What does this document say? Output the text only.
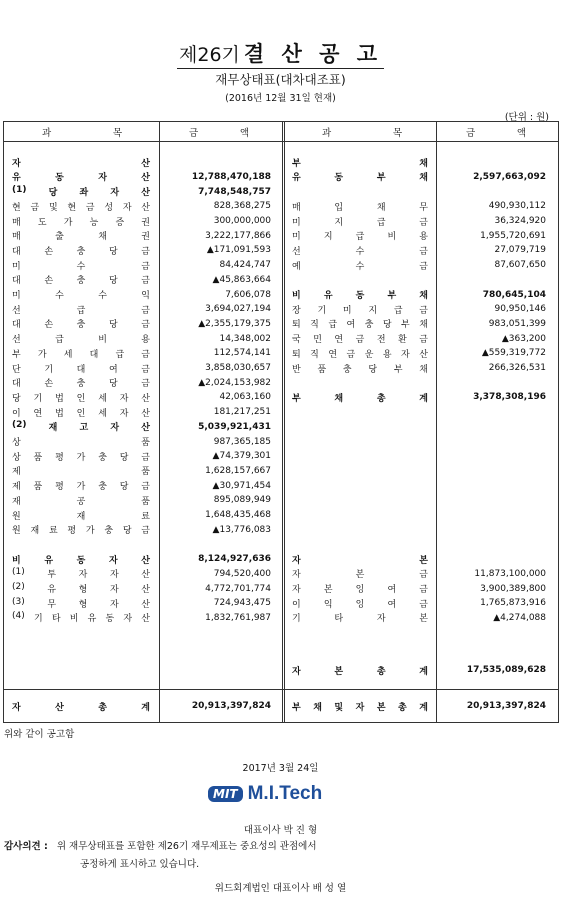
제26기 결 산 공 고
재무상태표(대차대조표)
(2016년 12월 31일 현재)
(단위 : 원)
과	목	금	액	과	목	금	액
자	산
유	동	자	산	12,788,470,188
(1) 당 좌 자 산	7,748,548,757
현 금 및 현 금 성 자 산	828,368,275
매 도 가 능 증 권	300,000,000
매	출	채	권	3,222,177,866
대	손	충	당	금	▲171,091,593
미	수	금	84,424,747
대	손	충	당	금	▲45,863,664
미	수	수	익	7,606,078
선	급	금	3,694,027,194
대	손	충	당	금	▲2,355,179,375
선	급	비	용	14,348,002
부 가 세 대 급 금	112,574,141
단	기	대	여	금	3,858,030,657
대	손	충	당	금	▲2,024,153,982
당 기 법 인 세 자 산	42,063,160
이 연 법 인 세 자 산	181,217,251
(2) 재 고 자 산	5,039,921,431
상	품	987,365,185
상 품 평 가 충 당 금	▲74,379,301
제	품	1,628,157,667
제 품 평 가 충 당 금	▲30,971,454
재	공	품	895,089,949
원	재	료	1,648,435,468
원 재 료 평 가 충 당 금	▲13,776,083
비	유	동	자	산	8,124,927,636
(1)	투	자	자	산	794,520,400
(2)	유	형	자	산	4,772,701,774
(3)	무	형	자	산	724,943,475
(4) 기 타 비 유 동 자 산	1,832,761,987
부	채
유	동	부	채	2,597,663,092
매	입	채	무	490,930,112
미	지	급	금	36,324,920
미	지	급	비	용	1,955,720,691
선	수	금	27,079,719
예	수	금	87,607,650
비	유	동	부	채	780,645,104
장 기 미 지 급 금	90,950,146
퇴 직 급 여 충 당 부 채	983,051,399
국 민 연 금 전 환 금	▲363,200
퇴 직 연 금 운 용 자 산	▲559,319,772
반 품 충 당 부 채	266,326,531
부	채	총	계	3,378,308,196
자	본
자	본	금	11,873,100,000
자	본	잉	여	금	3,900,389,800
이	익	잉	여	금	1,765,873,916
기	타	자	본	▲4,274,088
자	본	총	계	17,535,089,628
자	산	총	계	20,913,397,824 부 채 및 자 본 총 계	20,913,397,824
위와 같이 공고함
2017년 3월 24일
MIT M.I.Tech
대표이사 박 진 형
감사의견 : 위 재무상태표를 포함한 제26기 재무제표는 중요성의 관점에서
공정하게 표시하고 있습니다.
위드회계법인 대표이사 배 성 열
